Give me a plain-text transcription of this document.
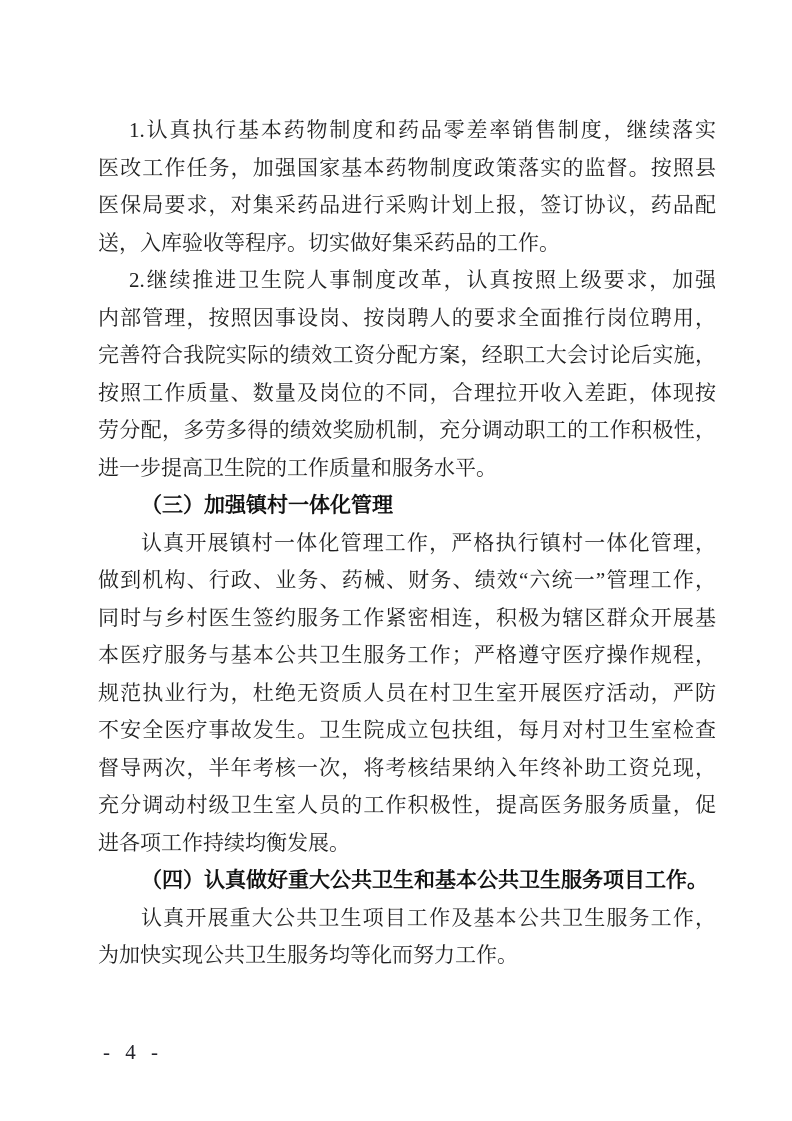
1.认真执行基本药物制度和药品零差率销售制度，继续落实
医改工作任务，加强国家基本药物制度政策落实的监督。按照县
医保局要求，对集采药品进行采购计划上报，签订协议，药品配
送，入库验收等程序。切实做好集采药品的工作。
2.继续推进卫生院人事制度改革，认真按照上级要求，加强
内部管理，按照因事设岗、按岗聘人的要求全面推行岗位聘用，
完善符合我院实际的绩效工资分配方案，经职工大会讨论后实施，
按照工作质量、数量及岗位的不同，合理拉开收入差距，体现按
劳分配，多劳多得的绩效奖励机制，充分调动职工的工作积极性，
进一步提高卫生院的工作质量和服务水平。
（三）加强镇村一体化管理
认真开展镇村一体化管理工作，严格执行镇村一体化管理，
做到机构、行政、业务、药械、财务、绩效“六统一”管理工作，
同时与乡村医生签约服务工作紧密相连，积极为辖区群众开展基
本医疗服务与基本公共卫生服务工作；严格遵守医疗操作规程，
规范执业行为，杜绝无资质人员在村卫生室开展医疗活动，严防
不安全医疗事故发生。卫生院成立包扶组，每月对村卫生室检查
督导两次，半年考核一次，将考核结果纳入年终补助工资兑现，
充分调动村级卫生室人员的工作积极性，提高医务服务质量，促
进各项工作持续均衡发展。
（四）认真做好重大公共卫生和基本公共卫生服务项目工作。
认真开展重大公共卫生项目工作及基本公共卫生服务工作，
为加快实现公共卫生服务均等化而努力工作。
- 4 -
